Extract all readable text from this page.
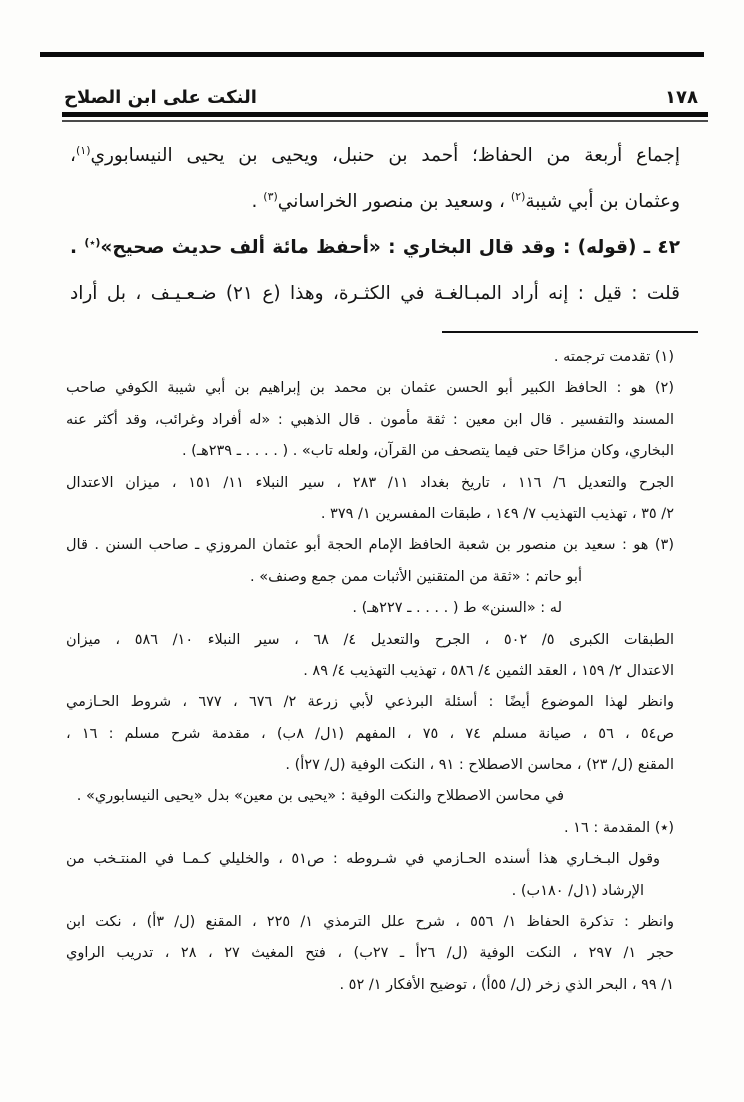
١٧٨
النكت على ابن الصلاح
إجماع أربعة من الحفاظ؛ أحمد بن حنبل، ويحيى بن يحيى النيسابوري$^{(١)}$،
وعثمان بن أبي شيبة$^{(٢)}$ ، وسعيد بن منصور الخراساني$^{(٣)}$ .
٤٢ ـ (قوله) : وقد قال البخاري : «أحفظ مائة ألف حديث صحيح»(٭) .
قلت : قيل : إنه أراد المبـالغـة في الكثـرة، وهذا (ع ٢١) ضـعـيـف ، بل أراد
(١) تقدمت ترجمته .
(٢) هو : الحافظ الكبير أبو الحسن عثمان بن محمد بن إبراهيم بن أبي شيبة الكوفي صاحب
المسند والتفسير . قال ابن معين : ثقة مأمون . قال الذهبي : «له أفراد وغرائب، وقد أكثر عنه
البخاري، وكان مزاحًا حتى فيما يتصحف من القرآن، ولعله تاب» . ( . . . . ـ ٢٣٩هـ) .
الجرح والتعديل ٦/ ١١٦ ، تاريخ بغداد ١١/ ٢٨٣ ، سير النبلاء ١١/ ١٥١ ، ميزان الاعتدال
٢/ ٣٥ ، تهذيب التهذيب ٧/ ١٤٩ ، طبقات المفسرين ١/ ٣٧٩ .
(٣) هو : سعيد بن منصور بن شعبة الحافظ الإمام الحجة أبو عثمان المروزي ـ صاحب السنن . قال
أبو حاتم : «ثقة من المتقنين الأثبات ممن جمع وصنف» .
له : «السنن» ط ( . . . . ـ ٢٢٧هـ) .
الطبقات الكبرى ٥/ ٥٠٢ ، الجرح والتعديل ٤/ ٦٨ ، سير النبلاء ١٠/ ٥٨٦ ، ميزان
الاعتدال ٢/ ١٥٩ ، العقد الثمين ٤/ ٥٨٦ ، تهذيب التهذيب ٤/ ٨٩ .
وانظر لهذا الموضوع أيضًا : أسئلة البرذعي لأبي زرعة ٢/ ٦٧٦ ، ٦٧٧ ، شروط الحـازمي
ص٥٤ ، ٥٦ ، صيانة مسلم ٧٤ ، ٧٥ ، المفهم (١ل/ ٨ب) ، مقدمة شرح مسلم : ١٦ ،
المقنع (ل/ ٢٣) ، محاسن الاصطلاح : ٩١ ، النكت الوفية (ل/ ٢٧أ) .
في محاسن الاصطلاح والنكت الوفية : «يحيى بن معين» بدل «يحيى النيسابوري» .
(٭) المقدمة : ١٦ .
وقول البـخـاري هذا أسنده الحـازمي في شـروطه : ص٥١ ، والخليلي كـمـا في المنتـخب من
الإرشاد (١ل/ ١٨٠ب) .
وانظر : تذكرة الحفاظ ١/ ٥٥٦ ، شرح علل الترمذي ١/ ٢٢٥ ، المقنع (ل/ ٣أ) ، نكت ابن
حجر ١/ ٢٩٧ ، النكت الوفية (ل/ ٢٦أ ـ ٢٧ب) ، فتح المغيث ٢٧ ، ٢٨ ، تدريب الراوي
١/ ٩٩ ، البحر الذي زخر (ل/ ٥٥أ) ، توضيح الأفكار ١/ ٥٢ .
